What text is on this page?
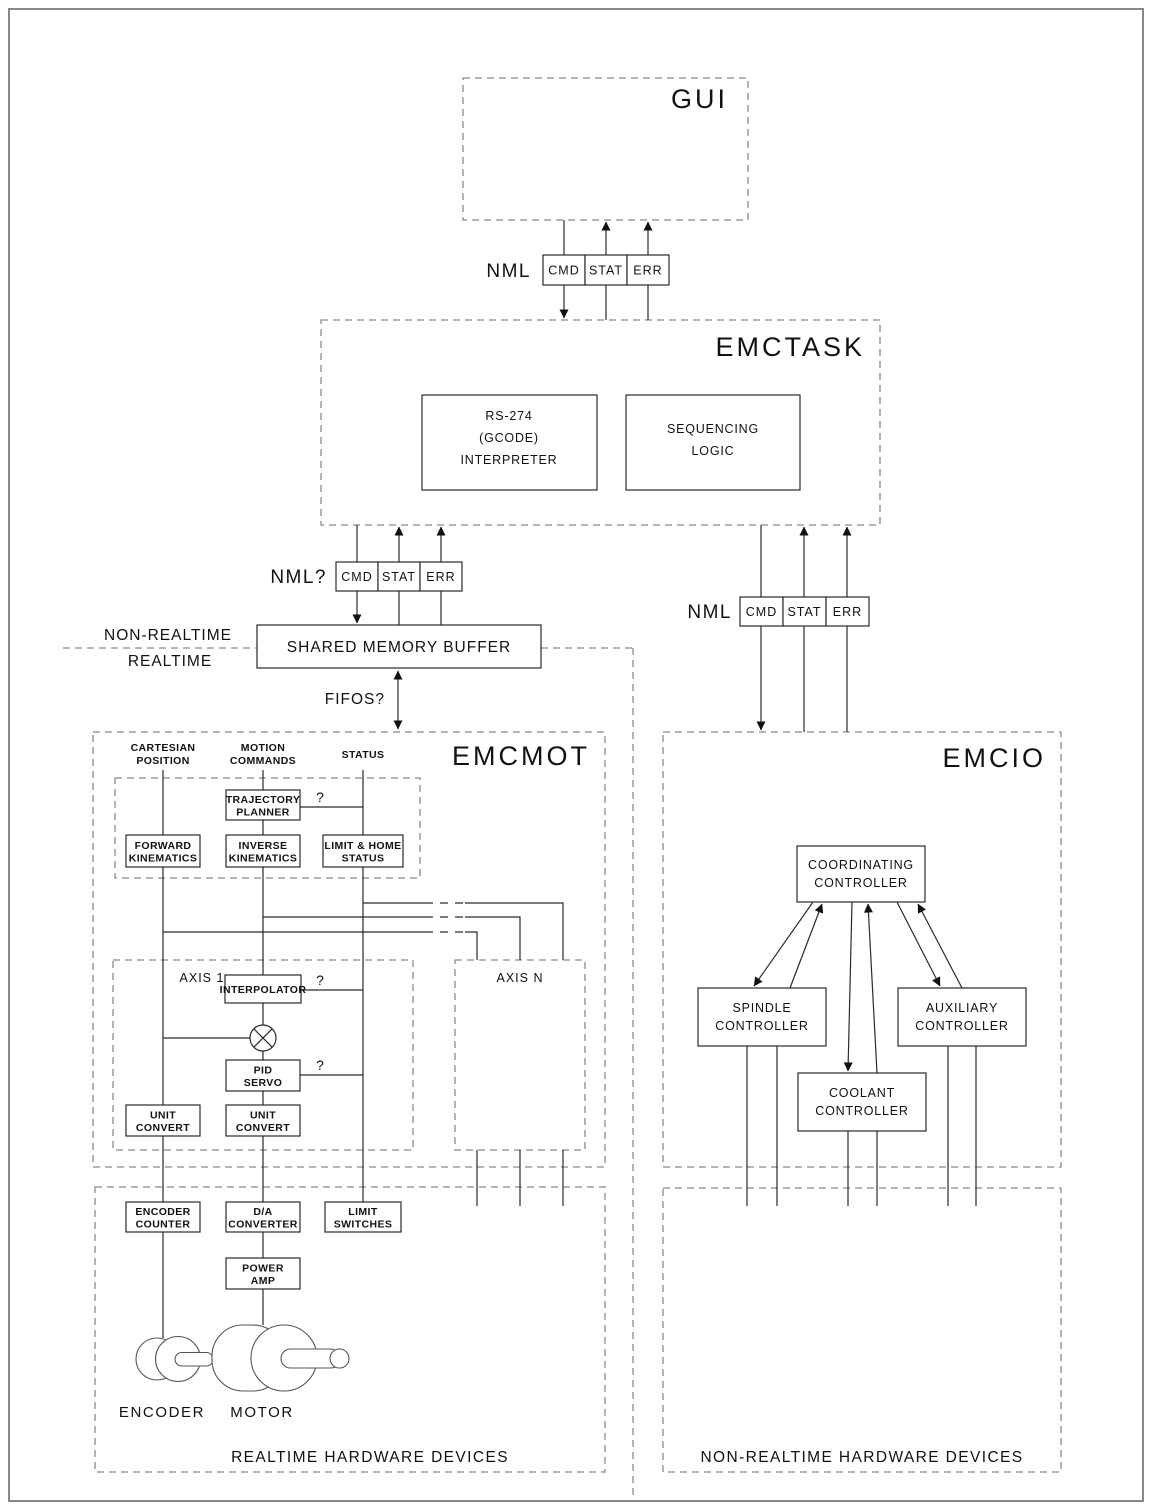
NON-REALTIME
REALTIME
NML CMD STAT ERR
GUI
EMCTASK
RS-274
(GCODE)
INTERPRETER
SEQUENCING
LOGIC
NML? CMD STAT ERR
SHARED MEMORY BUFFER
FIFOS?
NML CMD STAT ERR
EMCMOT
CARTESIAN
POSITION
MOTION
COMMANDS	STATUS
?
?
?
TRAJECTORY
PLANNER
FORWARD
KINEMATICS
INVERSE
KINEMATICS
LIMIT & HOME
STATUS
AXIS 1	AXIS N
INTERPOLATOR
PID
SERVO
UNIT
CONVERT
UNIT
CONVERT
EMCIO
COORDINATING
CONTROLLER
SPINDLE
CONTROLLER
AUXILIARY
CONTROLLER
COOLANT
CONTROLLER
ENCODER
COUNTER
D/A
CONVERTER
LIMIT
SWITCHES
POWER
AMP
ENCODER MOTOR
REALTIME HARDWARE DEVICES	NON-REALTIME HARDWARE DEVICES
